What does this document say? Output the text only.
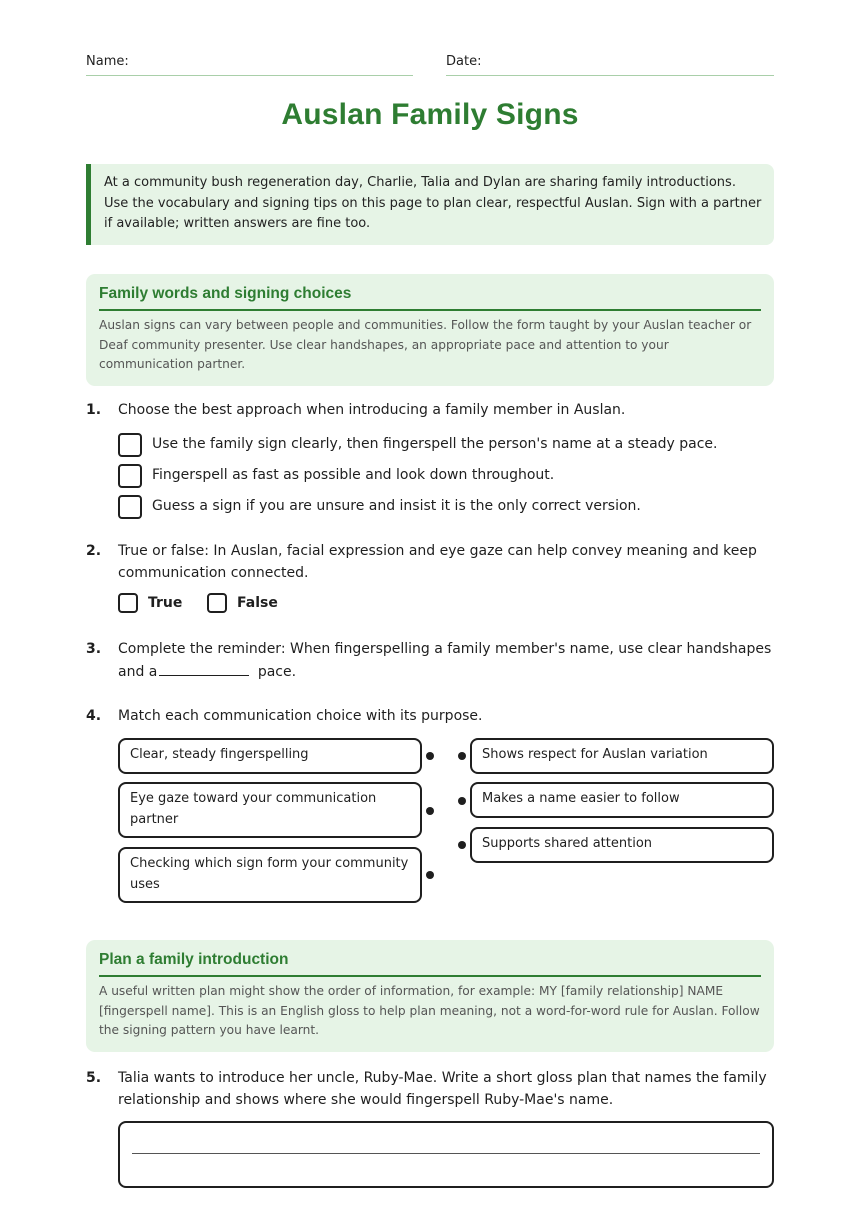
Name:	Date:
Auslan Family Signs
At a community bush regeneration day, Charlie, Talia and Dylan are sharing family introductions. Use the vocabulary and signing tips on this page to plan clear, respectful Auslan. Sign with a partner if available; written answers are fine too.
Family words and signing choices
Auslan signs can vary between people and communities. Follow the form taught by your Auslan teacher or Deaf community presenter. Use clear handshapes, an appropriate pace and attention to your communication partner.
1. Choose the best approach when introducing a family member in Auslan.
Use the family sign clearly, then fingerspell the person's name at a steady pace.
Fingerspell as fast as possible and look down throughout.
Guess a sign if you are unsure and insist it is the only correct version.
2. True or false: In Auslan, facial expression and eye gaze can help convey meaning and keep communication connected.
True	False
3. Complete the reminder: When fingerspelling a family member's name, use clear handshapes and a	pace.
4. Match each communication choice with its purpose.
Clear, steady fingerspelling
Eye gaze toward your communication partner
Checking which sign form your community uses
Shows respect for Auslan variation
Makes a name easier to follow
Supports shared attention
Plan a family introduction
A useful written plan might show the order of information, for example: MY [family relationship] NAME [fingerspell name]. This is an English gloss to help plan meaning, not a word-for-word rule for Auslan. Follow the signing pattern you have learnt.
5. Talia wants to introduce her uncle, Ruby-Mae. Write a short gloss plan that names the family relationship and shows where she would fingerspell Ruby-Mae's name.
